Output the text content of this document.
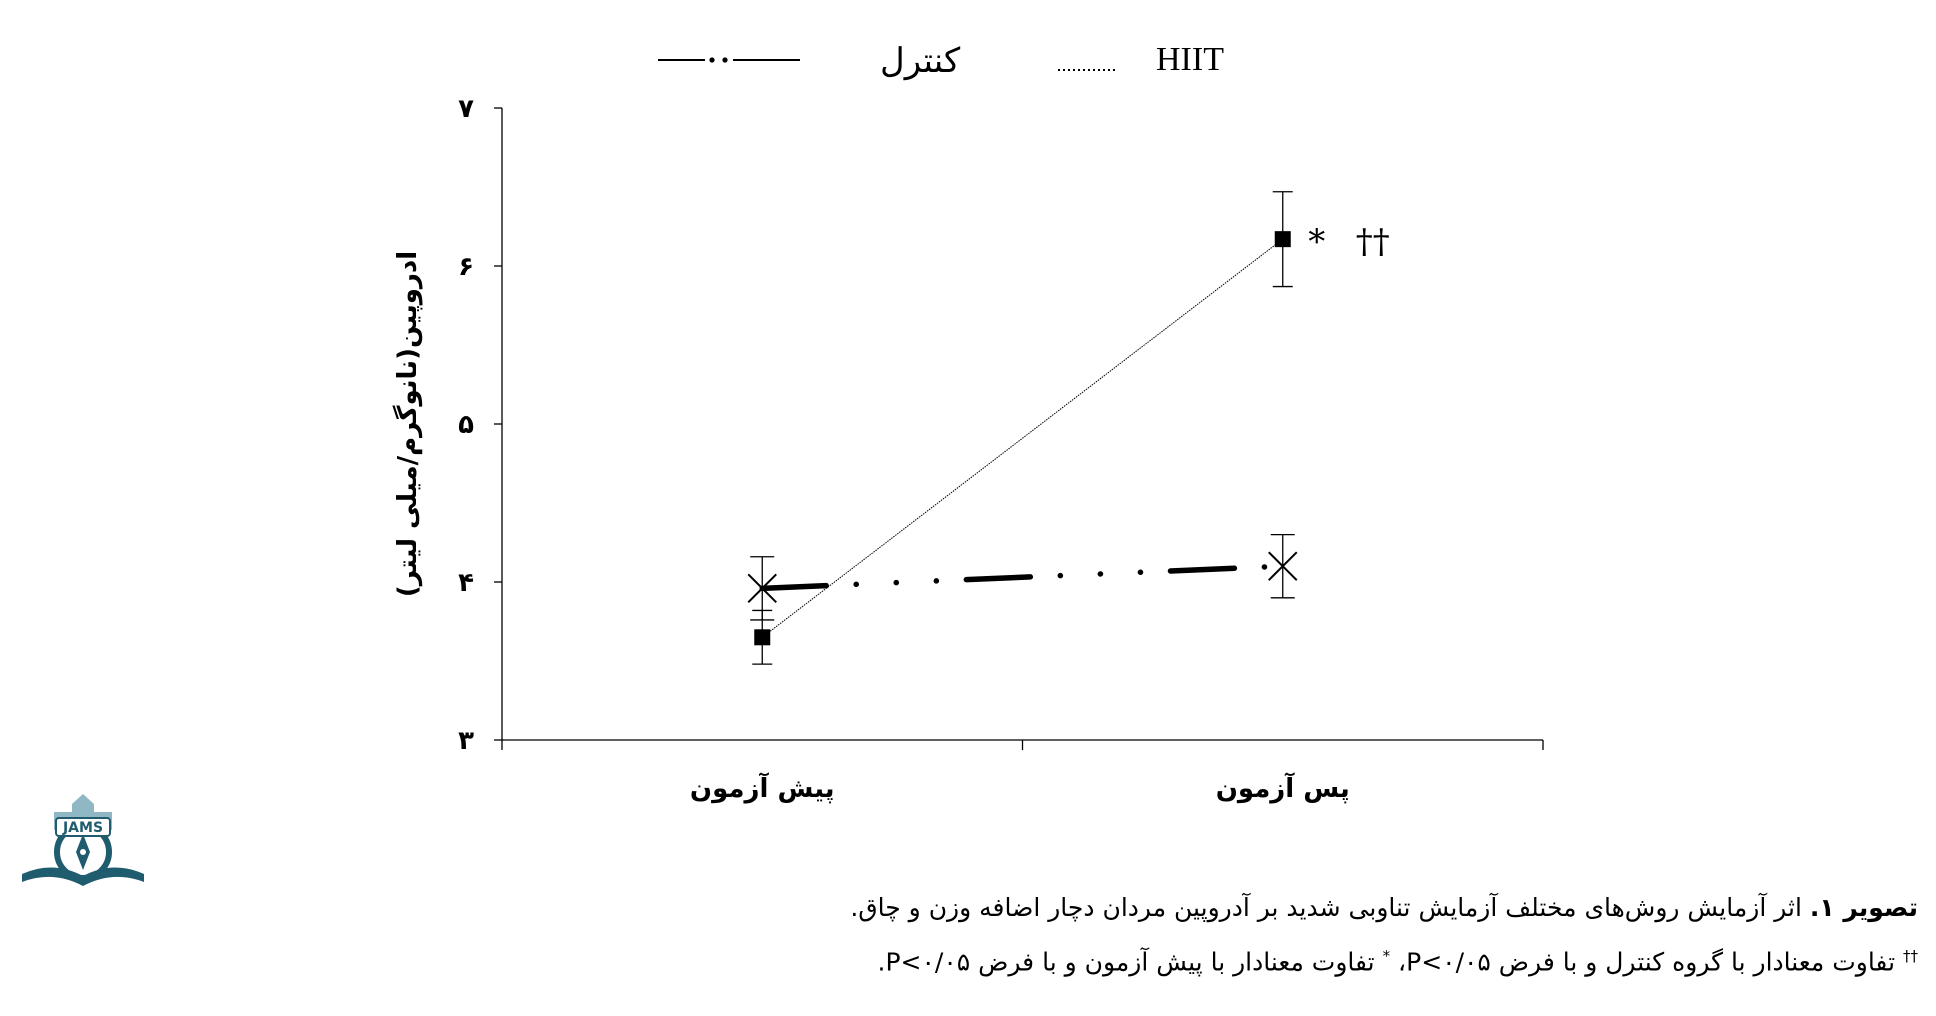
HIIT
کنترل
۳
۴
۵
۶
۷
پیش آزمون	پس آزمون
ادروپین(نانوگرم/میلی لیتر)
* ††
JAMS
تصویر ۱. اثر آزمایش روش‌های مختلف آزمایش تناوبی شدید بر آدروپین مردان دچار اضافه وزن و چاق.
†† تفاوت معنادار با گروه کنترل و با فرض P<۰/۰۵، * تفاوت معنادار با پیش آزمون و با فرض P<۰/۰۵.
